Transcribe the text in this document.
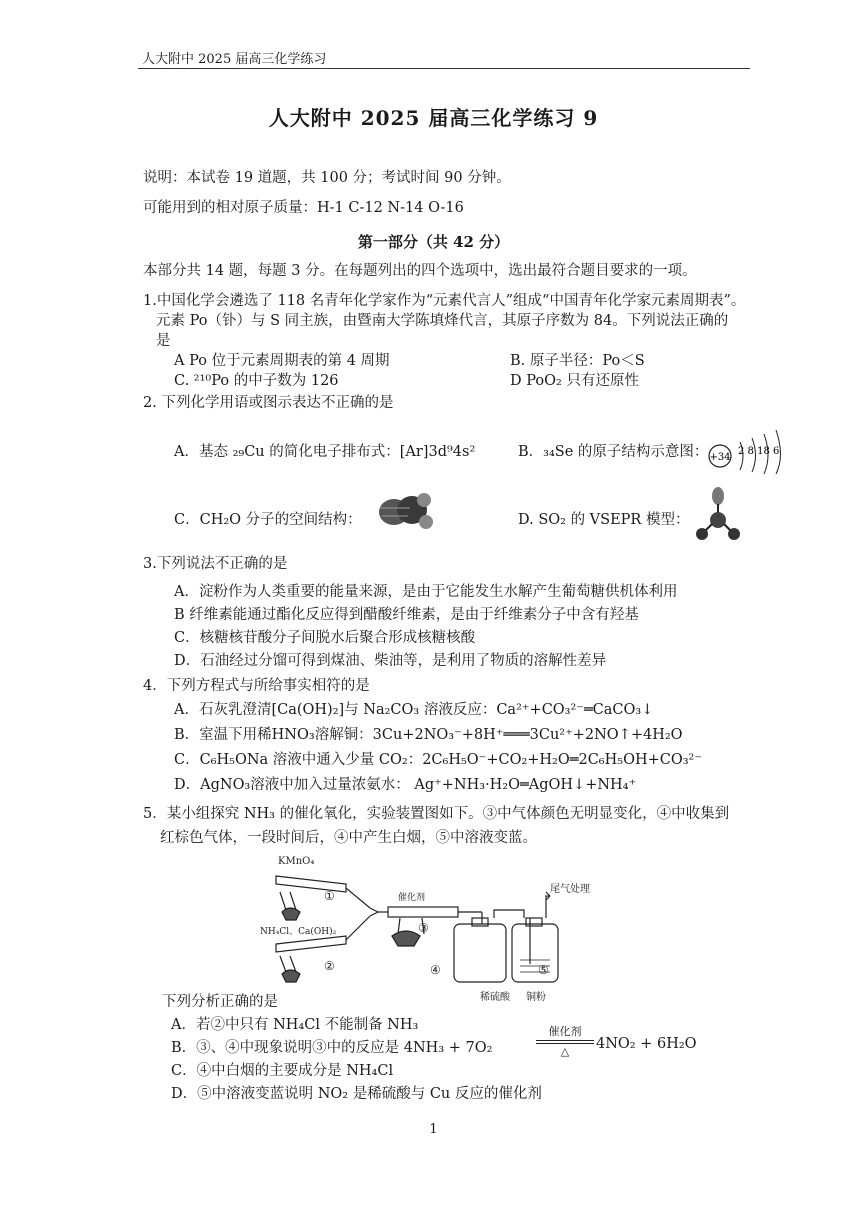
人大附中 2025 届高三化学练习
人大附中 2025 届高三化学练习 9
说明：本试卷 19 道题，共 100 分；考试时间 90 分钟。
可能用到的相对原子质量：H-1 C-12 N-14 O-16
第一部分（共 42 分）
本部分共 14 题，每题 3 分。在每题列出的四个选项中，选出最符合题目要求的一项。
1.中国化学会遴选了 118 名青年化学家作为“元素代言人”组成“中国青年化学家元素周期表”。
元素 Po（钋）与 S 同主族，由暨南大学陈填烽代言，其原子序数为 84。下列说法正确的
是
A Po 位于元素周期表的第 4 周期	B. 原子半径：Po＜S
C. ²¹⁰Po 的中子数为 126	D PoO₂ 只有还原性
2. 下列化学用语或图示表达不正确的是
A．基态 ₂₉Cu 的简化电子排布式：[Ar]3d⁹4s²	B．₃₄Se 的原子结构示意图： +34
2 8 18 6
C．CH₂O 分子的空间结构：	D. SO₂ 的 VSEPR 模型：
3.下列说法不正确的是
A．淀粉作为人类重要的能量来源，是由于它能发生水解产生葡萄糖供机体利用
B 纤维素能通过酯化反应得到醋酸纤维素，是由于纤维素分子中含有羟基
C．核糖核苷酸分子间脱水后聚合形成核糖核酸
D．石油经过分馏可得到煤油、柴油等，是利用了物质的溶解性差异
4．下列方程式与所给事实相符的是
A．石灰乳澄清[Ca(OH)₂]与 Na₂CO₃ 溶液反应：Ca²⁺+CO₃²⁻═CaCO₃↓
B．室温下用稀HNO₃溶解铜：3Cu+2NO₃⁻+8H⁺═══3Cu²⁺+2NO↑+4H₂O
C．C₆H₅ONa 溶液中通入少量 CO₂：2C₆H₅O⁻+CO₂+H₂O═2C₆H₅OH+CO₃²⁻
D．AgNO₃溶液中加入过量浓氨水： Ag⁺+NH₃·H₂O═AgOH↓+NH₄⁺
5．某小组探究 NH₃ 的催化氧化，实验装置图如下。③中气体颜色无明显变化，④中收集到
红棕色气体，一段时间后，④中产生白烟，⑤中溶液变蓝。
KMnO₄
①
NH₄Cl、Ca(OH)₂
②
催化剂
③
④	⑤
尾气处理
稀硫酸 铜粉
下列分析正确的是
A．若②中只有 NH₄Cl 不能制备 NH₃
B．③、④中现象说明③中的反应是 4NH₃ + 7O₂
催化剂
△	4NO₂ + 6H₂O
C．④中白烟的主要成分是 NH₄Cl
D．⑤中溶液变蓝说明 NO₂ 是稀硫酸与 Cu 反应的催化剂
1
